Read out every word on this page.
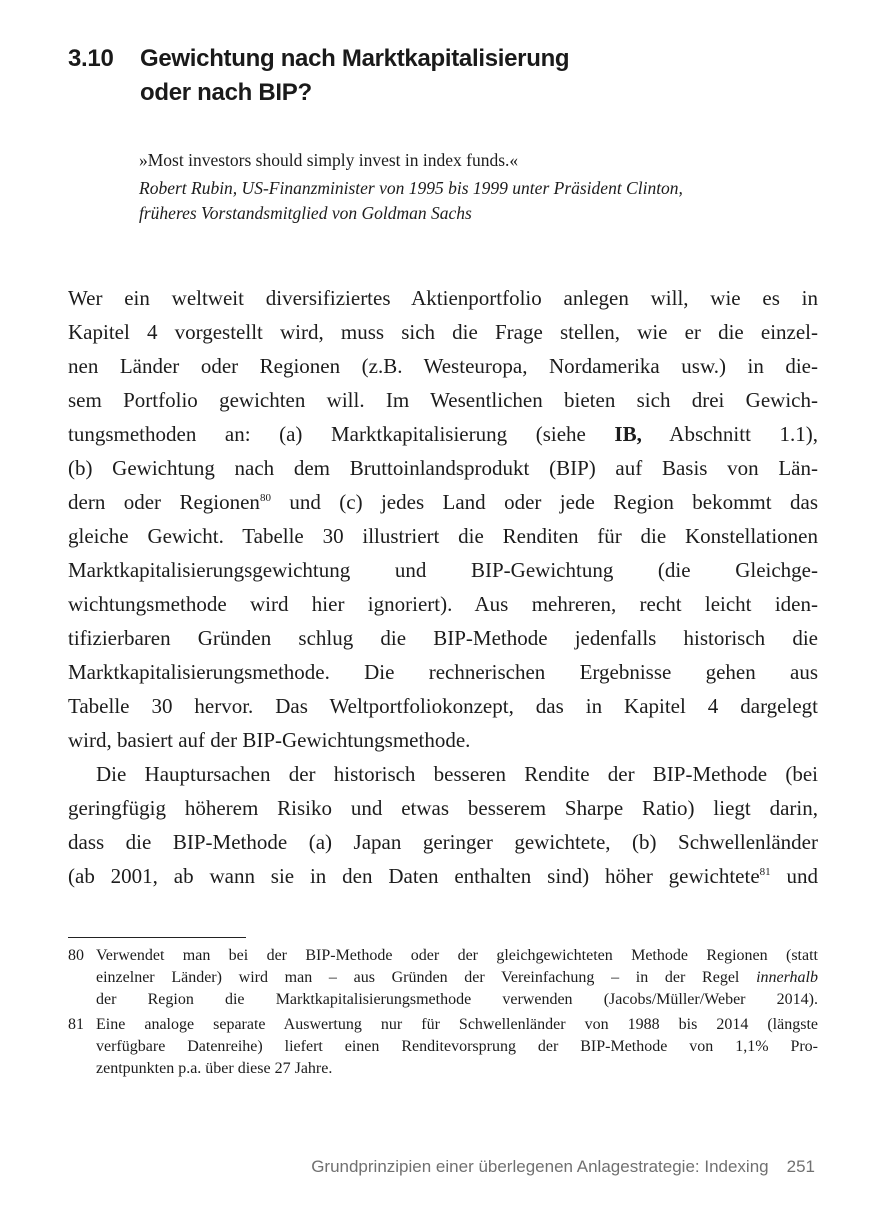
3.10 Gewichtung nach Marktkapitalisierung
oder nach BIP?
»Most investors should simply invest in index funds.«
Robert Rubin, US-Finanzminister von 1995 bis 1999 unter Präsident Clinton,
früheres Vorstandsmitglied von Goldman Sachs
Wer ein weltweit diversifiziertes Aktienportfolio anlegen will, wie es in
Kapitel 4 vorgestellt wird, muss sich die Frage stellen, wie er die einzel-
nen Länder oder Regionen (z.B. Westeuropa, Nordamerika usw.) in die-
sem Portfolio gewichten will. Im Wesentlichen bieten sich drei Gewich-
tungsmethoden an: (a) Marktkapitalisierung (siehe IB, Abschnitt 1.1),
(b) Gewichtung nach dem Bruttoinlandsprodukt (BIP) auf Basis von Län-
dern oder Regionen$^{80}$ und (c) jedes Land oder jede Region bekommt das
gleiche Gewicht. Tabelle 30 illustriert die Renditen für die Konstellationen
Marktkapitalisierungsgewichtung und BIP-Gewichtung (die Gleichge-
wichtungsmethode wird hier ignoriert). Aus mehreren, recht leicht iden-
tifizierbaren Gründen schlug die BIP-Methode jedenfalls historisch die
Marktkapitalisierungsmethode. Die rechnerischen Ergebnisse gehen aus
Tabelle 30 hervor. Das Weltportfoliokonzept, das in Kapitel 4 dargelegt
wird, basiert auf der BIP-Gewichtungsmethode.
Die Hauptursachen der historisch besseren Rendite der BIP-Methode (bei
geringfügig höherem Risiko und etwas besserem Sharpe Ratio) liegt darin,
dass die BIP-Methode (a) Japan geringer gewichtete, (b) Schwellenländer
(ab 2001, ab wann sie in den Daten enthalten sind) höher gewichtete$^{81}$ und
80 Verwendet man bei der BIP-Methode oder der gleichgewichteten Methode Regionen (statt
einzelner Länder) wird man – aus Gründen der Vereinfachung – in der Regel innerhalb
der Region die Marktkapitalisierungsmethode verwenden (Jacobs/Müller/Weber 2014).
81 Eine analoge separate Auswertung nur für Schwellenländer von 1988 bis 2014 (längste
verfügbare Datenreihe) liefert einen Renditevorsprung der BIP-Methode von 1,1% Pro-
zentpunkten p.a. über diese 27 Jahre.
Grundprinzipien einer überlegenen Anlagestrategie: Indexing 251
